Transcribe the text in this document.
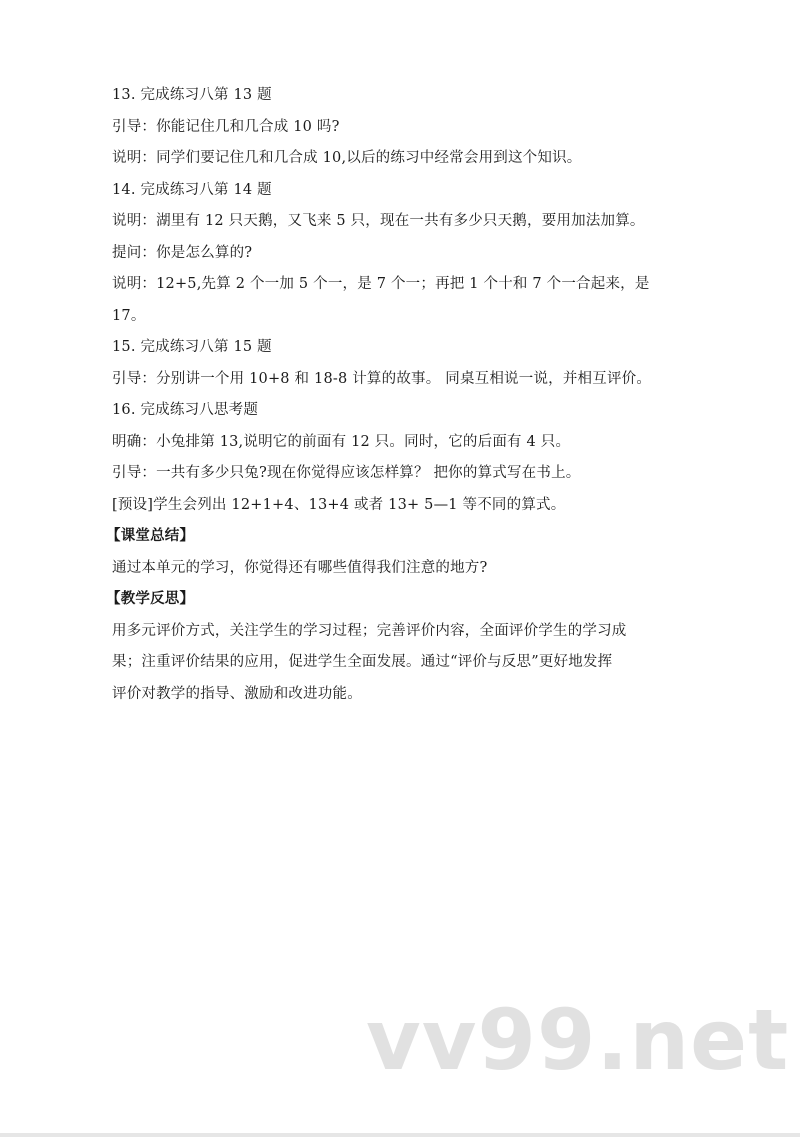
13. 完成练习八第 13 题
引导：你能记住几和几合成 10 吗?
说明：同学们要记住几和几合成 10,以后的练习中经常会用到这个知识。
14. 完成练习八第 14 题
说明：湖里有 12 只天鹅，又飞来 5 只，现在一共有多少只天鹅，要用加法加算。
提问：你是怎么算的?
说明：12+5,先算 2 个一加 5 个一，是 7 个一；再把 1 个十和 7 个一合起来，是
17。
15. 完成练习八第 15 题
引导：分别讲一个用 10+8 和 18-8 计算的故事。 同桌互相说一说，并相互评价。
16. 完成练习八思考题
明确：小兔排第 13,说明它的前面有 12 只。同时，它的后面有 4 只。
引导：一共有多少只兔?现在你觉得应该怎样算？ 把你的算式写在书上。
[预设]学生会列出 12+1+4、13+4 或者 13+ 5—1 等不同的算式。
【课堂总结】
通过本单元的学习，你觉得还有哪些值得我们注意的地方?
【教学反思】
用多元评价方式，关注学生的学习过程；完善评价内容，全面评价学生的学习成
果；注重评价结果的应用，促进学生全面发展。通过“评价与反思”更好地发挥
评价对教学的指导、激励和改进功能。
vv99.net
